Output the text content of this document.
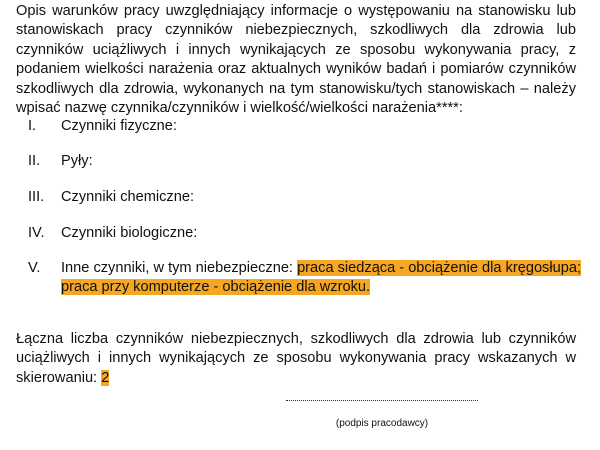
Opis warunków pracy uwzględniający informacje o występowaniu na stanowisku lub stanowiskach pracy czynników niebezpiecznych, szkodliwych dla zdrowia lub czynników uciążliwych i innych wynikających ze sposobu wykonywania pracy, z podaniem wielkości narażenia oraz aktualnych wyników badań i pomiarów czynników szkodliwych dla zdrowia, wykonanych na tym stanowisku/tych stanowiskach – należy wpisać nazwę czynnika/czynników i wielkość/wielkości narażenia****:
I. Czynniki fizyczne:
II. Pyły:
III. Czynniki chemiczne:
IV. Czynniki biologiczne:
V. Inne czynniki, w tym niebezpieczne: praca siedząca - obciążenie dla kręgosłupa; praca przy komputerze - obciążenie dla wzroku.
Łączna liczba czynników niebezpiecznych, szkodliwych dla zdrowia lub czynników uciążliwych i innych wynikających ze sposobu wykonywania pracy wskazanych w skierowaniu: 2
(podpis pracodawcy)
